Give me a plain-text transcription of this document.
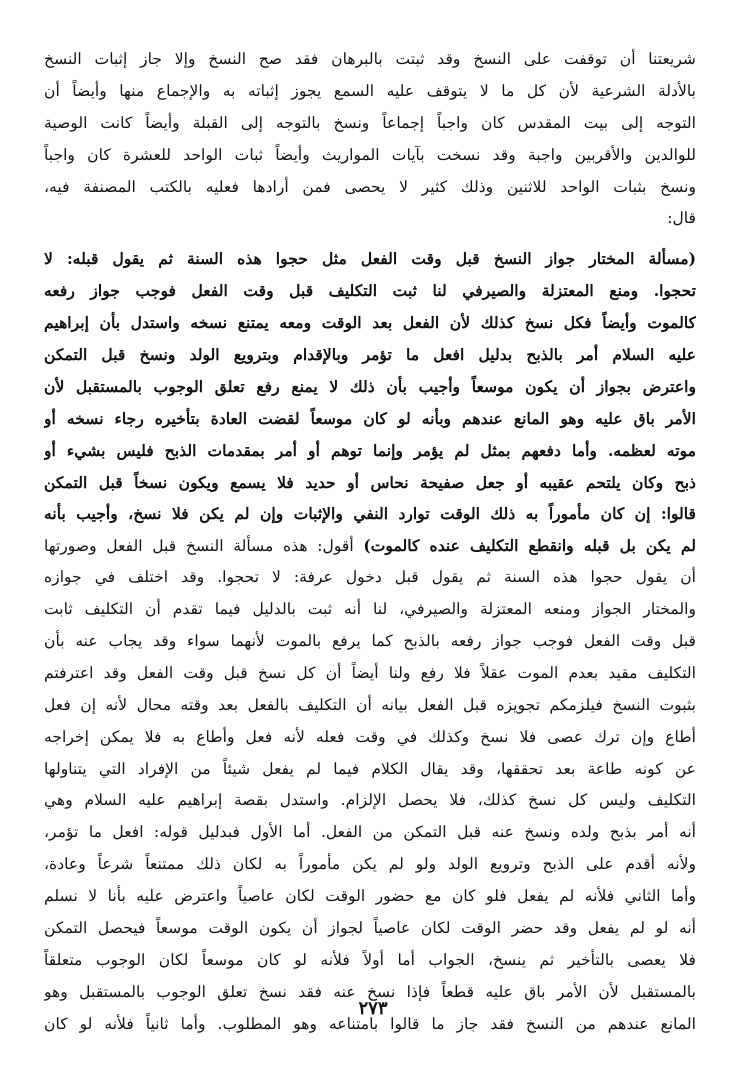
شريعتنا أن توقفت على النسخ وقد ثبتت بالبرهان فقد صح النسخ وإلا جاز إثبات النسخ
بالأدلة الشرعية لأن كل ما لا يتوقف عليه السمع يجوز إثباته به والإجماع منها وأيضاً أن
التوجه إلى بيت المقدس كان واجباً إجماعاً ونسخ بالتوجه إلى القبلة وأيضاً كانت الوصية
للوالدين والأقربين واجبة وقد نسخت بآيات المواريث وأيضاً ثبات الواحد للعشرة كان واجباً
ونسخ بثبات الواحد للاثنين وذلك كثير لا يحصى فمن أرادها فعليه بالكتب المصنفة فيه،
قال:

(مسألة المختار جواز النسخ قبل وقت الفعل مثل حجوا هذه السنة ثم يقول قبله: لا
تحجوا. ومنع المعتزلة والصيرفي لنا ثبت التكليف قبل وقت الفعل فوجب جواز رفعه
كالموت وأيضاً فكل نسخ كذلك لأن الفعل بعد الوقت ومعه يمتنع نسخه واستدل بأن إبراهيم
عليه السلام أمر بالذبح بدليل افعل ما تؤمر وبالإقدام وبترويع الولد ونسخ قبل التمكن
واعترض بجواز أن يكون موسعاً وأجيب بأن ذلك لا يمنع رفع تعلق الوجوب بالمستقبل لأن
الأمر باق عليه وهو المانع عندهم وبأنه لو كان موسعاً لقضت العادة بتأخيره رجاء نسخه أو
موته لعظمه. وأما دفعهم بمثل لم يؤمر وإنما توهم أو أمر بمقدمات الذبح فليس بشيء أو
ذبح وكان يلتحم عقيبه أو جعل صفيحة نحاس أو حديد فلا يسمع ويكون نسخاً قبل التمكن
قالوا: إن كان مأموراً به ذلك الوقت توارد النفي والإثبات وإن لم يكن فلا نسخ، وأجيب بأنه

لم يكن بل قبله وانقطع التكليف عنده كالموت) أقول: هذه مسألة النسخ قبل الفعل وصورتها
أن يقول حجوا هذه السنة ثم يقول قبل دخول عرفة: لا تحجوا. وقد اختلف في جوازه
والمختار الجواز ومنعه المعتزلة والصيرفي، لنا أنه ثبت بالدليل فيما تقدم أن التكليف ثابت
قبل وقت الفعل فوجب جواز رفعه بالذبح كما يرفع بالموت لأنهما سواء وقد يجاب عنه بأن
التكليف مقيد بعدم الموت عقلاً فلا رفع ولنا أيضاً أن كل نسخ قبل وقت الفعل وقد اعترفتم
بثبوت النسخ فيلزمكم تجويزه قبل الفعل بيانه أن التكليف بالفعل بعد وقته محال لأنه إن فعل
أطاع وإن ترك عصى فلا نسخ وكذلك في وقت فعله لأنه فعل وأطاع به فلا يمكن إخراجه
عن كونه طاعة بعد تحققها، وقد يقال الكلام فيما لم يفعل شيئاً من الإفراد التي يتناولها
التكليف وليس كل نسخ كذلك، فلا يحصل الإلزام. واستدل بقصة إبراهيم عليه السلام وهي
أنه أمر بذبح ولده ونسخ عنه قبل التمكن من الفعل. أما الأول فبدليل قوله: افعل ما تؤمر،
ولأنه أقدم على الذبح وترويع الولد ولو لم يكن مأموراً به لكان ذلك ممتنعاً شرعاً وعادة،
وأما الثاني فلأنه لم يفعل فلو كان مع حضور الوقت لكان عاصياً واعترض عليه بأنا لا نسلم
أنه لو لم يفعل وقد حضر الوقت لكان عاصياً لجواز أن يكون الوقت موسعاً فيحصل التمكن
فلا يعصى بالتأخير ثم ينسخ، الجواب أما أولاً فلأنه لو كان موسعاً لكان الوجوب متعلقاً
بالمستقبل لأن الأمر باق عليه قطعاً فإذا نسخ عنه فقد نسخ تعلق الوجوب بالمستقبل وهو
المانع عندهم من النسخ فقد جاز ما قالوا بامتناعه وهو المطلوب. وأما ثانياً فلأنه لو كان

٢٧٣
